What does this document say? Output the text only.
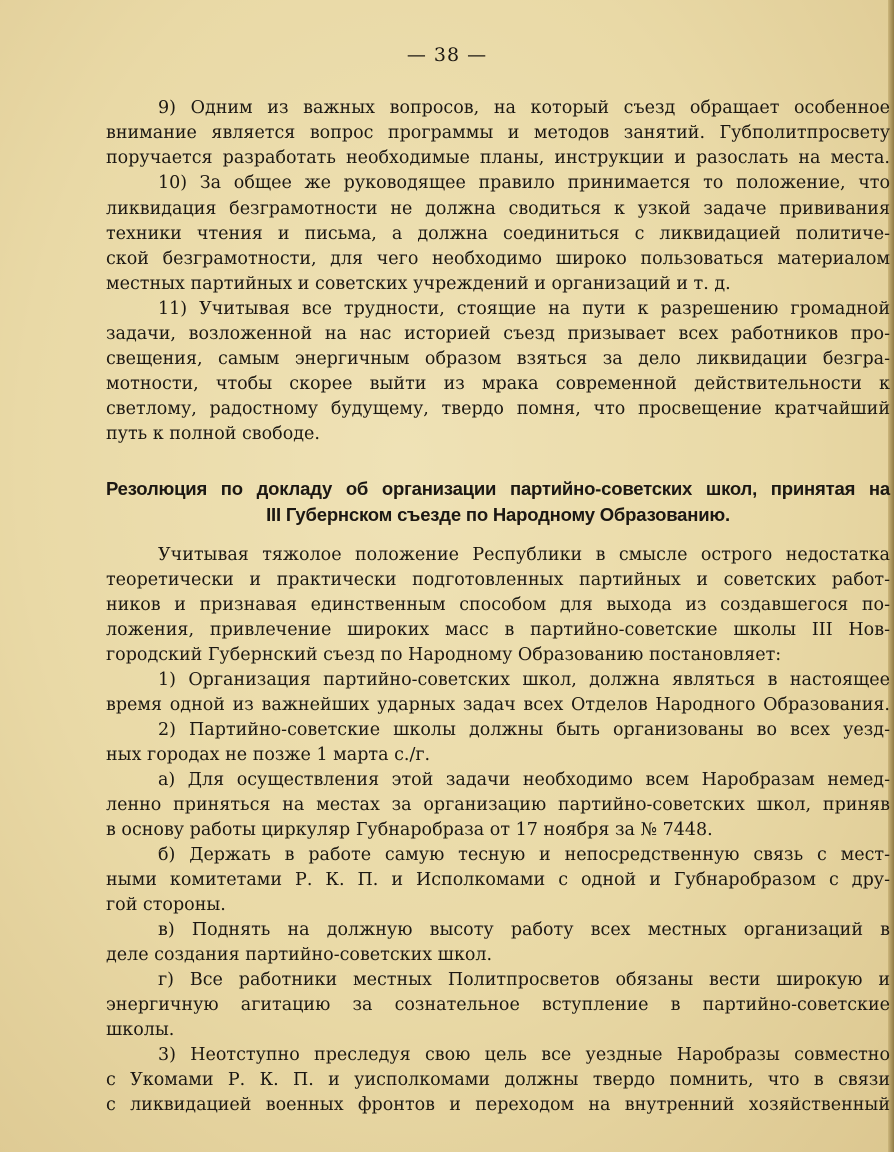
— 38 —
9) Одним из важных вопросов, на который съезд обращает особенное
внимание является вопрос программы и методов занятий. Губполитпросвету
поручается разработать необходимые планы, инструкции и разослать на места.
10) За общее же руководящее правило принимается то положение, что
ликвидация безграмотности не должна сводиться к узкой задаче прививания
техники чтения и письма, а должна соединиться с ликвидацией политиче-
ской безграмотности, для чего необходимо широко пользоваться материалом
местных партийных и советских учреждений и организаций и т. д.
11) Учитывая все трудности, стоящие на пути к разрешению громадной
задачи, возложенной на нас историей съезд призывает всех работников про-
свещения, самым энергичным образом взяться за дело ликвидации безгра-
мотности, чтобы скорее выйти из мрака современной действительности к
светлому, радостному будущему, твердо помня, что просвещение кратчайший
путь к полной свободе.
Резолюция по докладу об организации партийно-советских школ, принятая на
III Губернском съезде по Народному Образованию.
Учитывая тяжолое положение Республики в смысле острого недостатка
теоретически и практически подготовленных партийных и советских работ-
ников и признавая единственным способом для выхода из создавшегося по-
ложения, привлечение широких масс в партийно-советские школы III Нов-
городский Губернский съезд по Народному Образованию постановляет:
1) Организация партийно-советских школ, должна являться в настоящее
время одной из важнейших ударных задач всех Отделов Народного Образования.
2) Партийно-советские школы должны быть организованы во всех уезд-
ных городах не позже 1 марта с./г.
а) Для осуществления этой задачи необходимо всем Наробразам немед-
ленно приняться на местах за организацию партийно-советских школ, приняв
в основу работы циркуляр Губнаробраза от 17 ноября за № 7448.
б) Держать в работе самую тесную и непосредственную связь с мест-
ными комитетами Р. К. П. и Исполкомами с одной и Губнаробразом с дру-
гой стороны.
в) Поднять на должную высоту работу всех местных организаций в
деле создания партийно-советских школ.
г) Все работники местных Политпросветов обязаны вести широкую и
энергичную агитацию за сознательное вступление в партийно-советские
школы.
3) Неотступно преследуя свою цель все уездные Наробразы совместно
с Укомами Р. К. П. и уисполкомами должны твердо помнить, что в связи
с ликвидацией военных фронтов и переходом на внутренний хозяйственный
